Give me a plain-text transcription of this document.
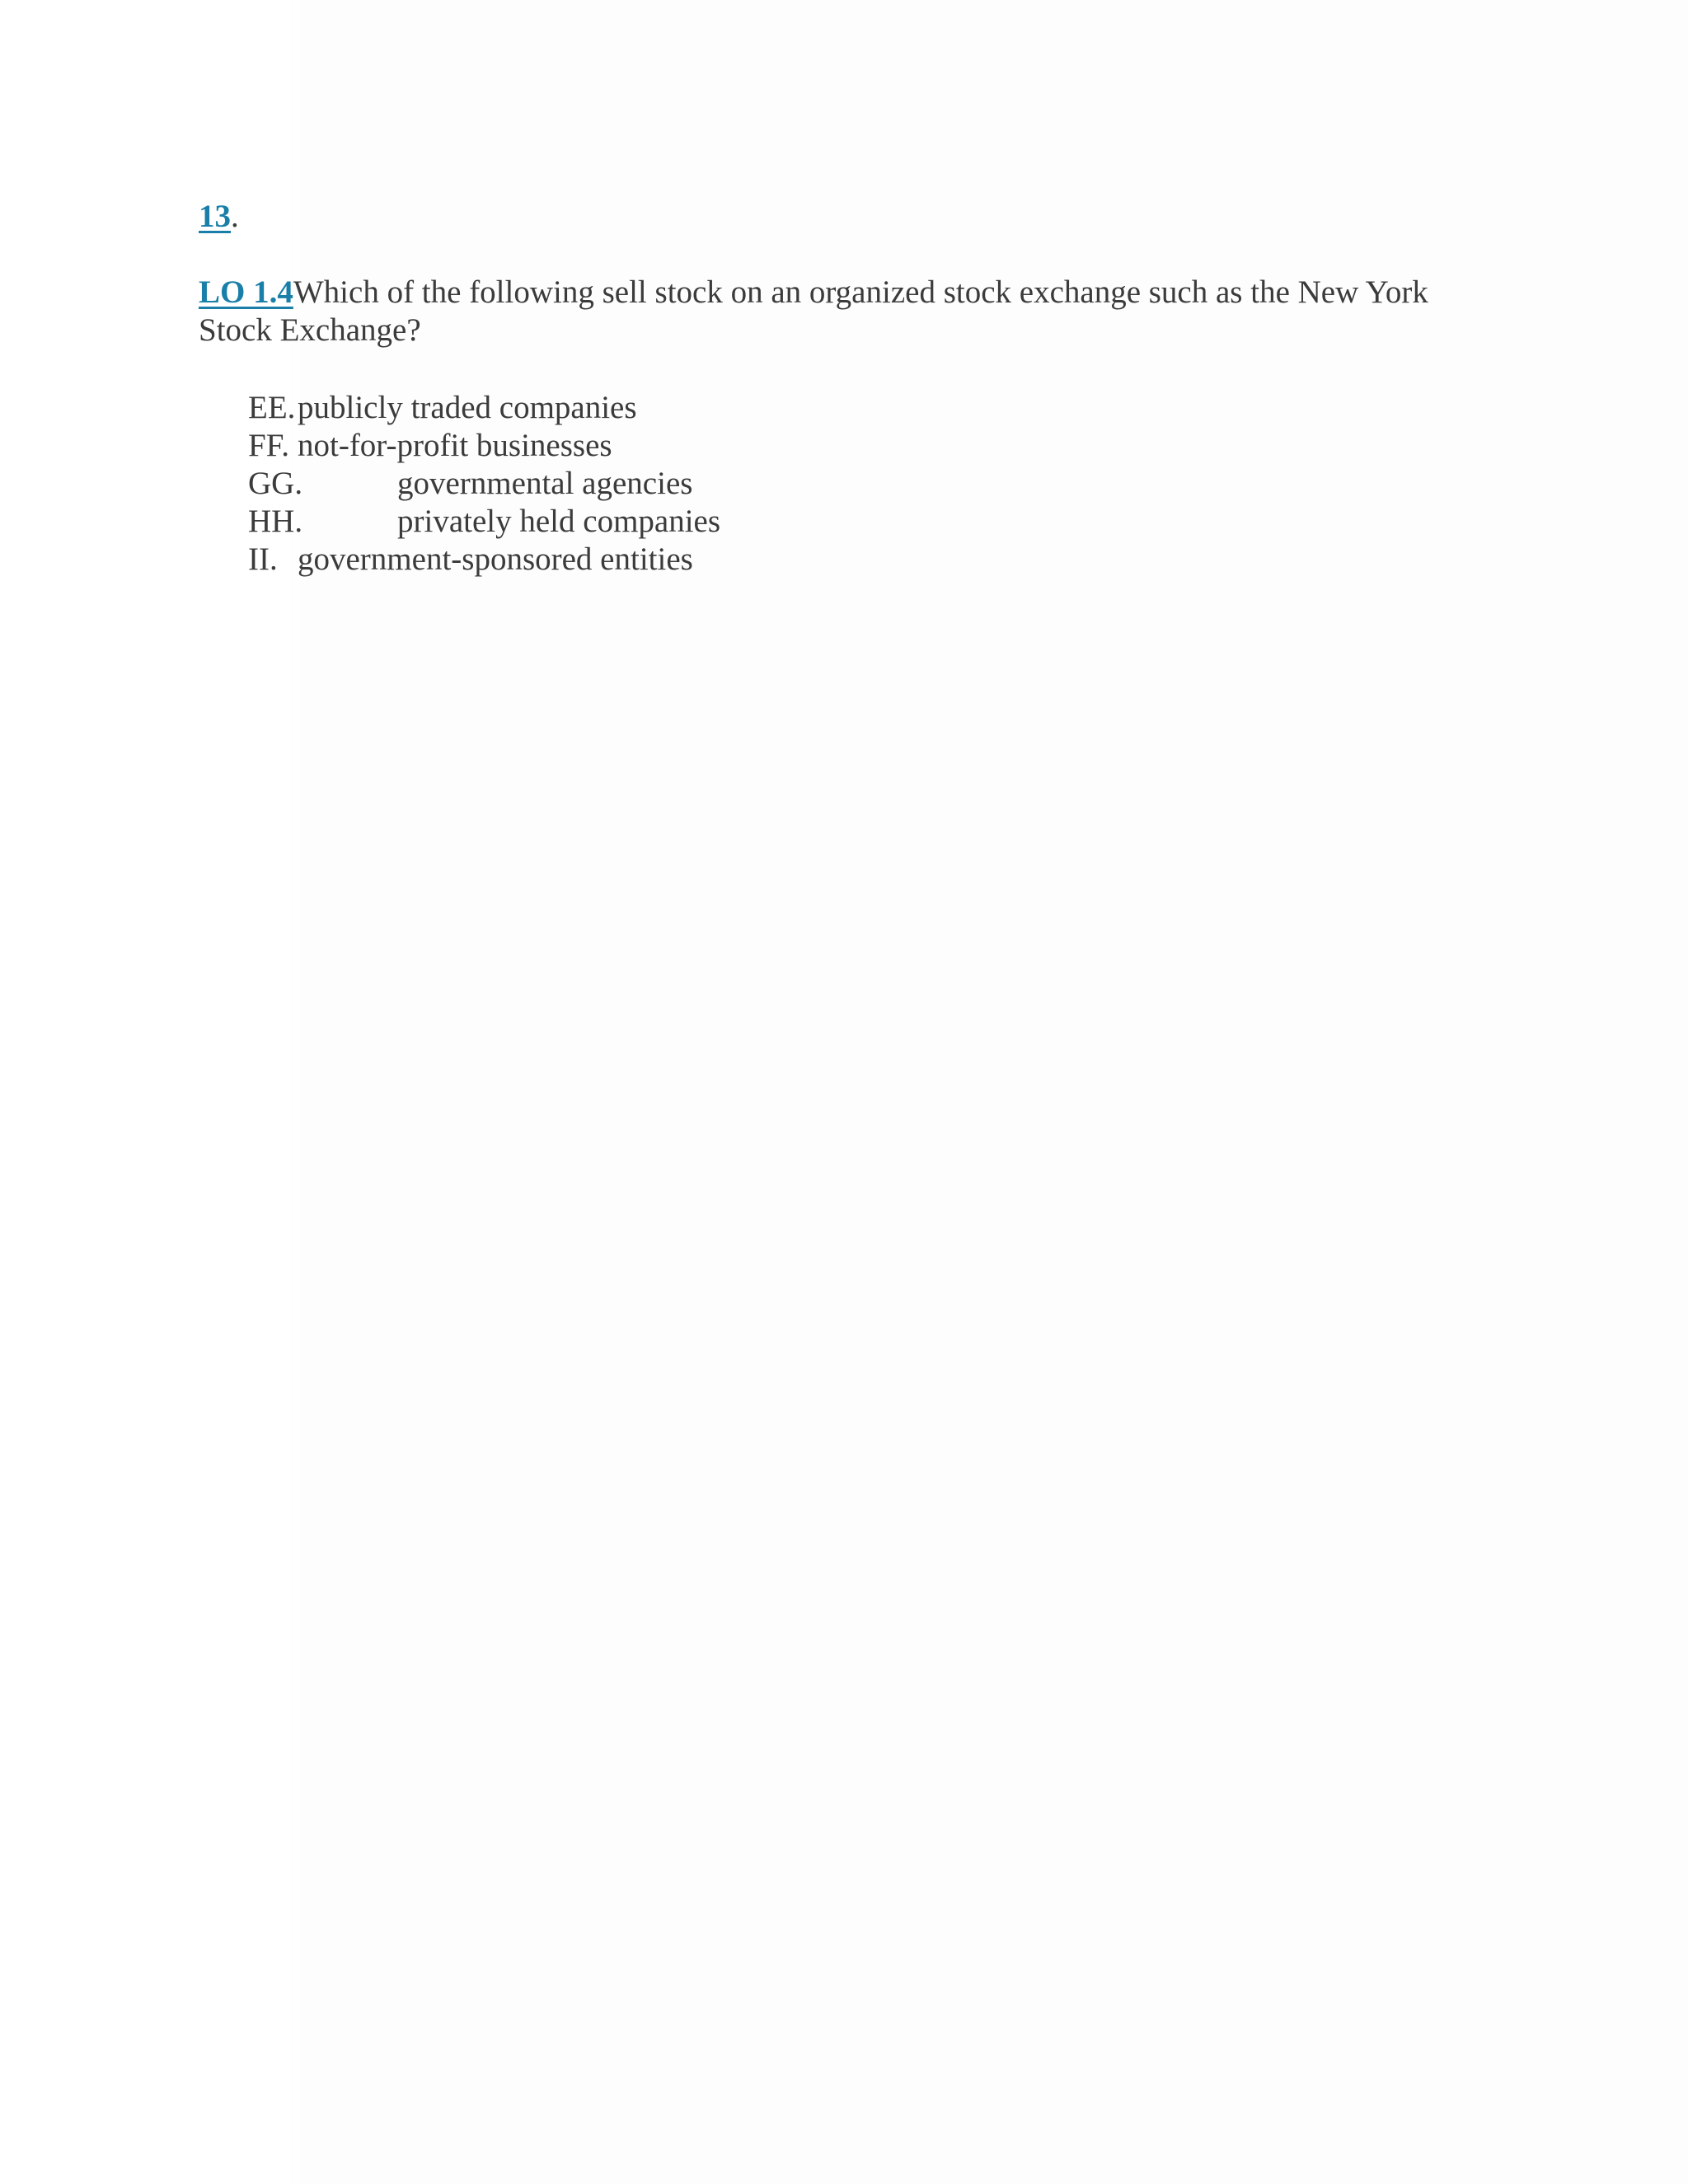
13.
LO 1.4Which of the following sell stock on an organized stock exchange such as the New York Stock Exchange?
EE. publicly traded companies
FF. not-for-profit businesses
GG.	governmental agencies
HH.	privately held companies
II. government-sponsored entities
